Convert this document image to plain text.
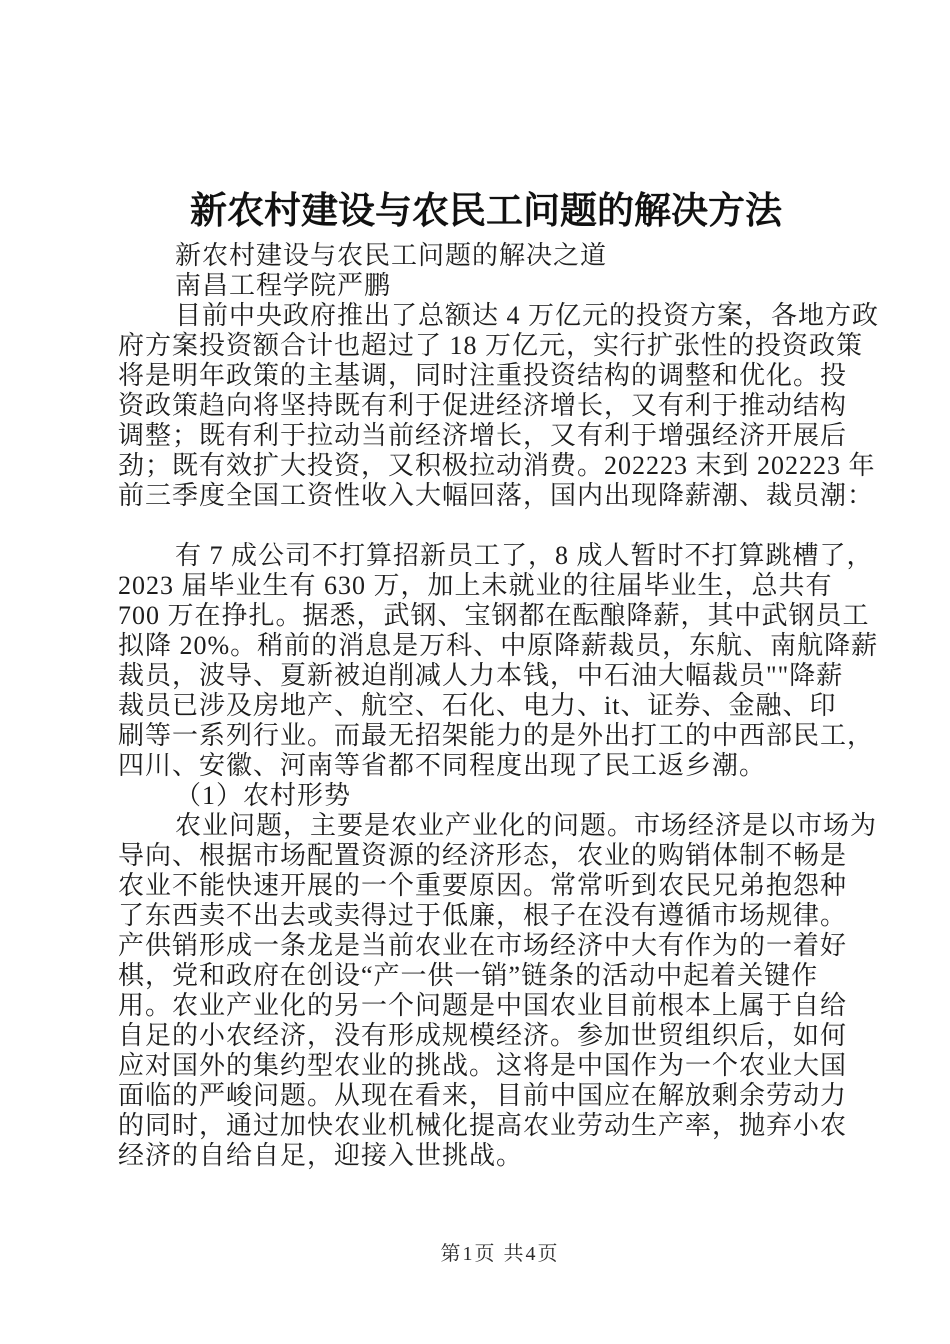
新农村建设与农民工问题的解决方法
新农村建设与农民工问题的解决之道
南昌工程学院严鹏
目前中央政府推出了总额达 4 万亿元的投资方案，各地方政
府方案投资额合计也超过了 18 万亿元，实行扩张性的投资政策
将是明年政策的主基调，同时注重投资结构的调整和优化。投
资政策趋向将坚持既有利于促进经济增长，又有利于推动结构
调整；既有利于拉动当前经济增长，又有利于增强经济开展后
劲；既有效扩大投资，又积极拉动消费。202223 末到 202223 年
前三季度全国工资性收入大幅回落，国内出现降薪潮、裁员潮：
有 7 成公司不打算招新员工了，8 成人暂时不打算跳槽了，
2023 届毕业生有 630 万，加上未就业的往届毕业生，总共有
700 万在挣扎。据悉，武钢、宝钢都在酝酿降薪，其中武钢员工
拟降 20%。稍前的消息是万科、中原降薪裁员，东航、南航降薪
裁员，波导、夏新被迫削减人力本钱，中石油大幅裁员""降薪
裁员已涉及房地产、航空、石化、电力、it、证券、金融、印
刷等一系列行业。而最无招架能力的是外出打工的中西部民工，
四川、安徽、河南等省都不同程度出现了民工返乡潮。
（1）农村形势
农业问题，主要是农业产业化的问题。市场经济是以市场为
导向、根据市场配置资源的经济形态，农业的购销体制不畅是
农业不能快速开展的一个重要原因。常常听到农民兄弟抱怨种
了东西卖不出去或卖得过于低廉，根子在没有遵循市场规律。
产供销形成一条龙是当前农业在市场经济中大有作为的一着好
棋，党和政府在创设“产一供一销”链条的活动中起着关键作
用。农业产业化的另一个问题是中国农业目前根本上属于自给
自足的小农经济，没有形成规模经济。参加世贸组织后，如何
应对国外的集约型农业的挑战。这将是中国作为一个农业大国
面临的严峻问题。从现在看来，目前中国应在解放剩余劳动力
的同时，通过加快农业机械化提高农业劳动生产率，抛弃小农
经济的自给自足，迎接入世挑战。
第1页 共4页
